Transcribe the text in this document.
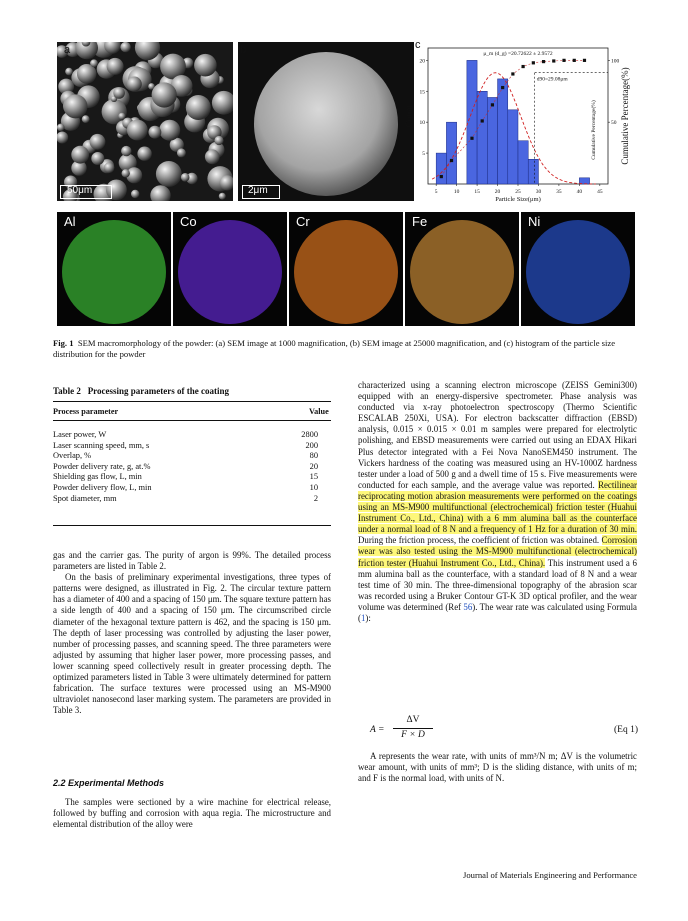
50μm
a
2μm
b	c
5	10	15	20	25	30	35	40	45
5
10
15
20
50
100
Particle Size(μm)
Count	Cumulative Percentage(%)	Cumulative Percentage(%)
μ_m (d_g) =20.72622 ± 2.9572
d90=29.08μm
Al	Co	Cr	Fe	Ni
Fig. 1 SEM macromorphology of the powder: (a) SEM image at 1000 magnification, (b) SEM image at 25000 magnification, and (c) histogram of the particle size distribution for the powder
Table 2 Processing parameters of the coating
Process parameter	Value
Laser power, W	2800
Laser scanning speed, mm, s	200
Overlap, %	80
Powder delivery rate, g, at.%	20
Shielding gas flow, L, min	15
Powder delivery flow, L, min	10
Spot diameter, mm	2

gas and the carrier gas. The purity of argon is 99%. The detailed process parameters are listed in Table 2.

On the basis of preliminary experimental investigations, three types of patterns were designed, as illustrated in Fig. 2. The circular texture pattern has a diameter of 400 and a spacing of 150 μm. The square texture pattern has a side length of 400 and a spacing of 150 μm. The circumscribed circle diameter of the hexagonal texture pattern is 462, and the spacing is 150 μm. The depth of laser processing was controlled by adjusting the laser power, number of processing passes, and scanning speed. The three parameters were adjusted by assuming that higher laser power, more processing passes, and lower scanning speed collectively result in greater processing depth. The optimized parameters listed in Table 3 were ultimately determined for pattern fabrication. The surface textures were processed using an MS-M900 ultraviolet nanosecond laser marking system. The parameters are provided in Table 3.

2.2 Experimental Methods

The samples were sectioned by a wire machine for electrical release, followed by buffing and corrosion with aqua regia. The microstructure and elemental distribution of the alloy were

characterized using a scanning electron microscope (ZEISS Gemini300) equipped with an energy-dispersive spectrometer. Phase analysis was conducted via x-ray photoelectron spectroscopy (Thermo Scientific ESCALAB 250Xi, USA). For electron backscatter diffraction (EBSD) analysis, 0.015 × 0.015 × 0.01 m samples were prepared for electrolytic polishing, and EBSD measurements were carried out using an EDAX Hikari Plus detector integrated with a Fei Nova NanoSEM450 instrument. The Vickers hardness of the coating was measured using an HV-1000Z hardness tester under a load of 500 g and a dwell time of 15 s. Five measurements were conducted for each sample, and the average value was reported. Rectilinear reciprocating motion abrasion measurements were performed on the coatings using an MS-M900 multifunctional (electrochemical) friction tester (Huahui Instrument Co., Ltd., China) with a 6 mm alumina ball as the counterface under a normal load of 8 N and a frequency of 1 Hz for a duration of 30 min. During the friction process, the coefficient of friction was obtained. Corrosion wear was also tested using the MS-M900 multifunctional (electrochemical) friction tester (Huahui Instrument Co., Ltd., China). This instrument used a 6 mm alumina ball as the counterface, with a standard load of 8 N and a wear test time of 30 min. The three-dimensional topography of the abrasion scar was recorded using a Bruker Contour GT-K 3D optical profiler, and the wear volume was determined (Ref 56). The wear rate was calculated using Formula (1):

A =
ΔV
F × D	(Eq 1)

A represents the wear rate, with units of mm³/N m; ΔV is the volumetric wear amount, with units of mm³; D is the sliding distance, with units of m; and F is the normal load, with units of N.

Journal of Materials Engineering and Performance
